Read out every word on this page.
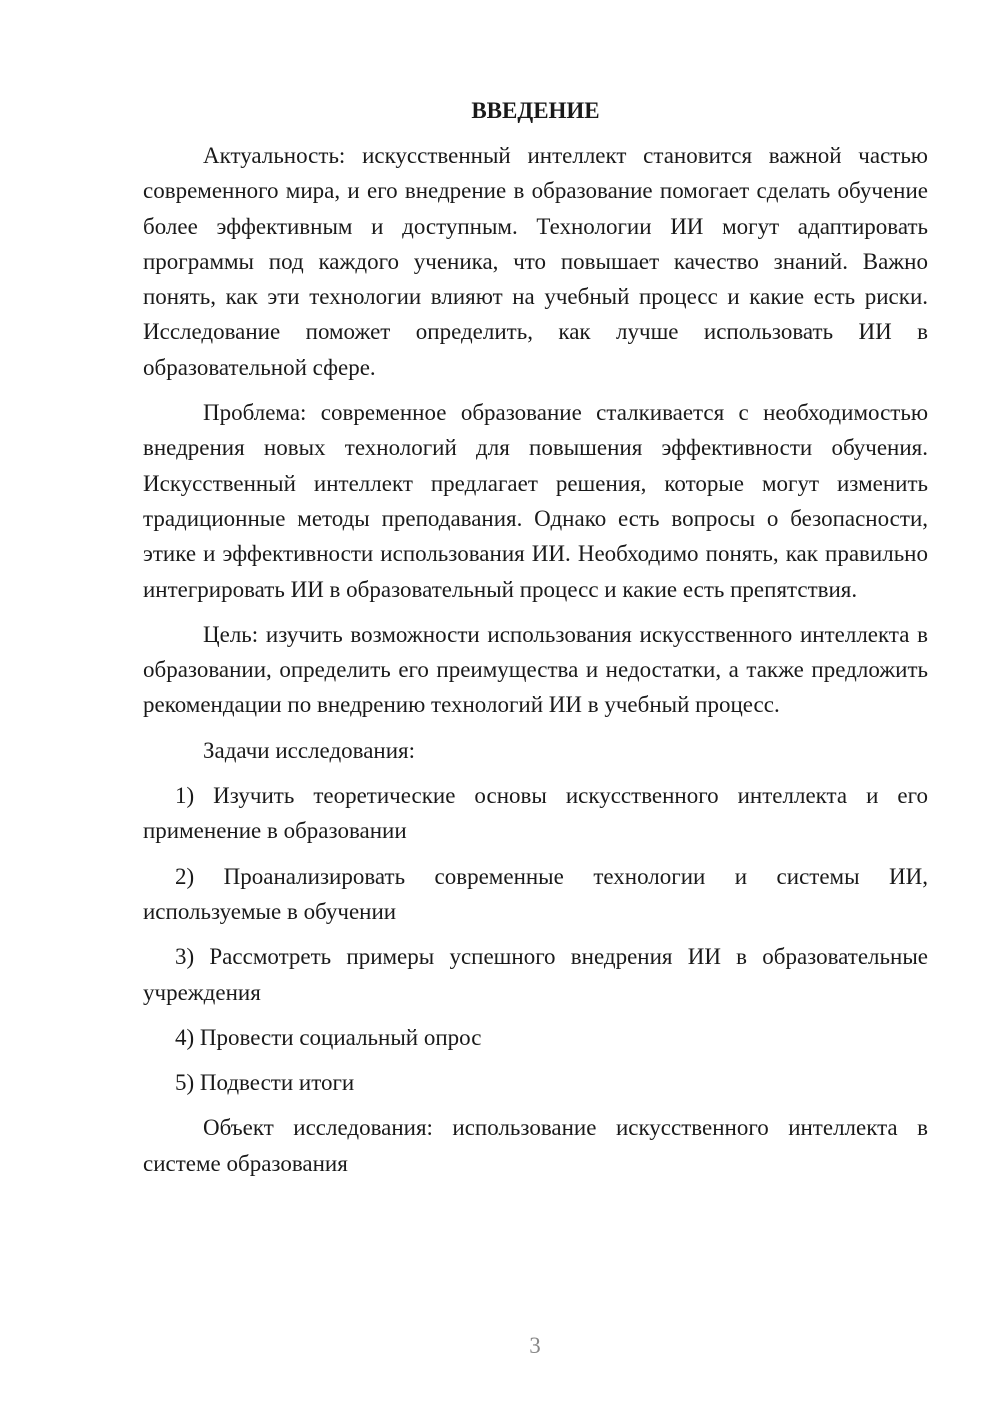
ВВЕДЕНИЕ

Актуальность: искусственный интеллект становится важной частью современного мира, и его внедрение в образование помогает сделать обучение более эффективным и доступным. Технологии ИИ могут адаптировать программы под каждого ученика, что повышает качество знаний. Важно понять, как эти технологии влияют на учебный процесс и какие есть риски. Исследование поможет определить, как лучше использовать ИИ в образовательной сфере.

Проблема: современное образование сталкивается с необходимостью внедрения новых технологий для повышения эффективности обучения. Искусственный интеллект предлагает решения, которые могут изменить традиционные методы преподавания. Однако есть вопросы о безопасности, этике и эффективности использования ИИ. Необходимо понять, как правильно интегрировать ИИ в образовательный процесс и какие есть препятствия.

Цель: изучить возможности использования искусственного интеллекта в образовании, определить его преимущества и недостатки, а также предложить рекомендации по внедрению технологий ИИ в учебный процесс.

Задачи исследования:

1) Изучить теоретические основы искусственного интеллекта и его применение в образовании

2) Проанализировать современные технологии и системы ИИ, используемые в обучении

3) Рассмотреть примеры успешного внедрения ИИ в образовательные учреждения

4) Провести социальный опрос

5) Подвести итоги

Объект исследования: использование искусственного интеллекта в системе образования

3
